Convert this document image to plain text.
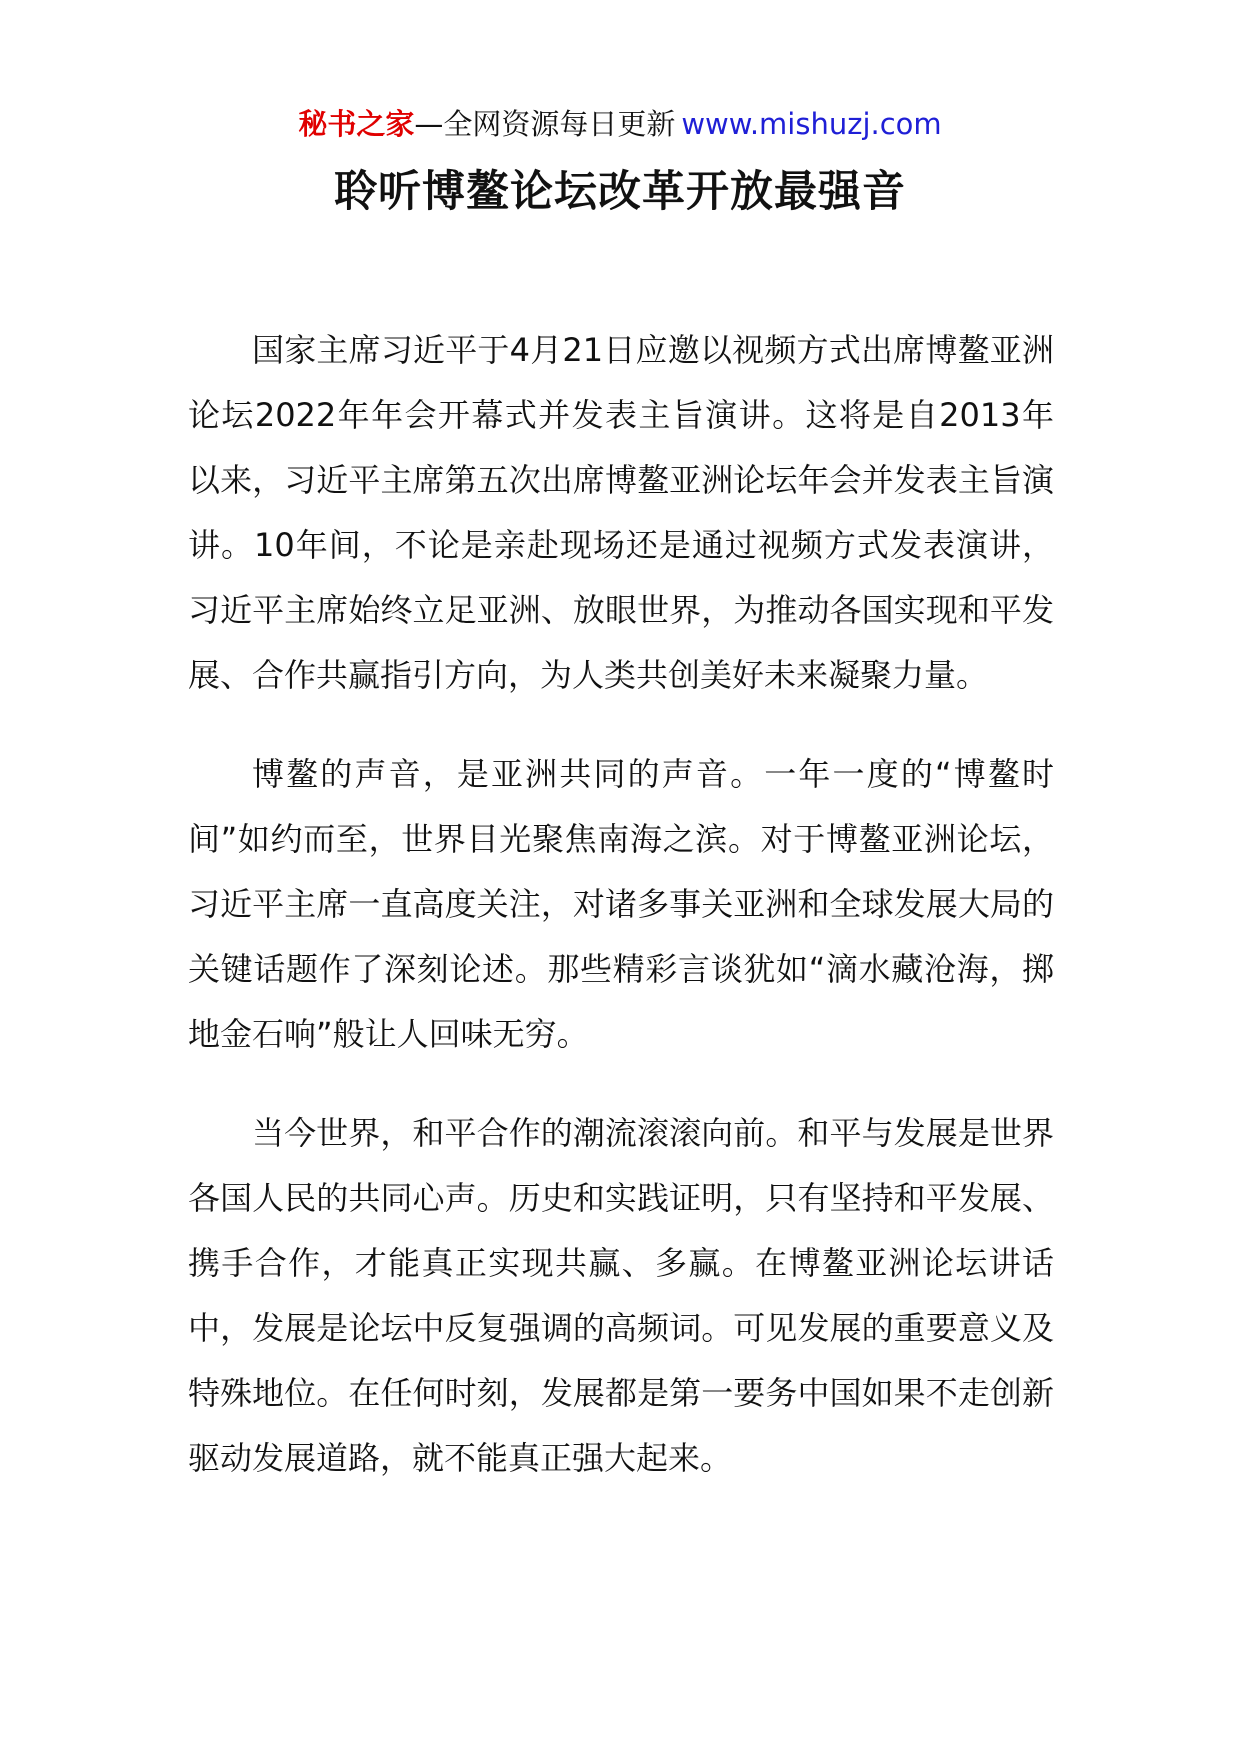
秘书之家—全网资源每日更新 www.mishuzj.com
聆听博鳌论坛改革开放最强音

国家主席习近平于4月21日应邀以视频方式出席博鳌亚洲论坛2022年年会开幕式并发表主旨演讲。这将是自2013年以来，习近平主席第五次出席博鳌亚洲论坛年会并发表主旨演讲。10年间，不论是亲赴现场还是通过视频方式发表演讲，习近平主席始终立足亚洲、放眼世界，为推动各国实现和平发展、合作共赢指引方向，为人类共创美好未来凝聚力量。

博鳌的声音，是亚洲共同的声音。一年一度的“博鳌时间”如约而至，世界目光聚焦南海之滨。对于博鳌亚洲论坛，习近平主席一直高度关注，对诸多事关亚洲和全球发展大局的关键话题作了深刻论述。那些精彩言谈犹如“滴水藏沧海，掷地金石响”般让人回味无穷。

当今世界，和平合作的潮流滚滚向前。和平与发展是世界各国人民的共同心声。历史和实践证明，只有坚持和平发展、携手合作，才能真正实现共赢、多赢。在博鳌亚洲论坛讲话中，发展是论坛中反复强调的高频词。可见发展的重要意义及特殊地位。在任何时刻，发展都是第一要务中国如果不走创新驱动发展道路，就不能真正强大起来。
